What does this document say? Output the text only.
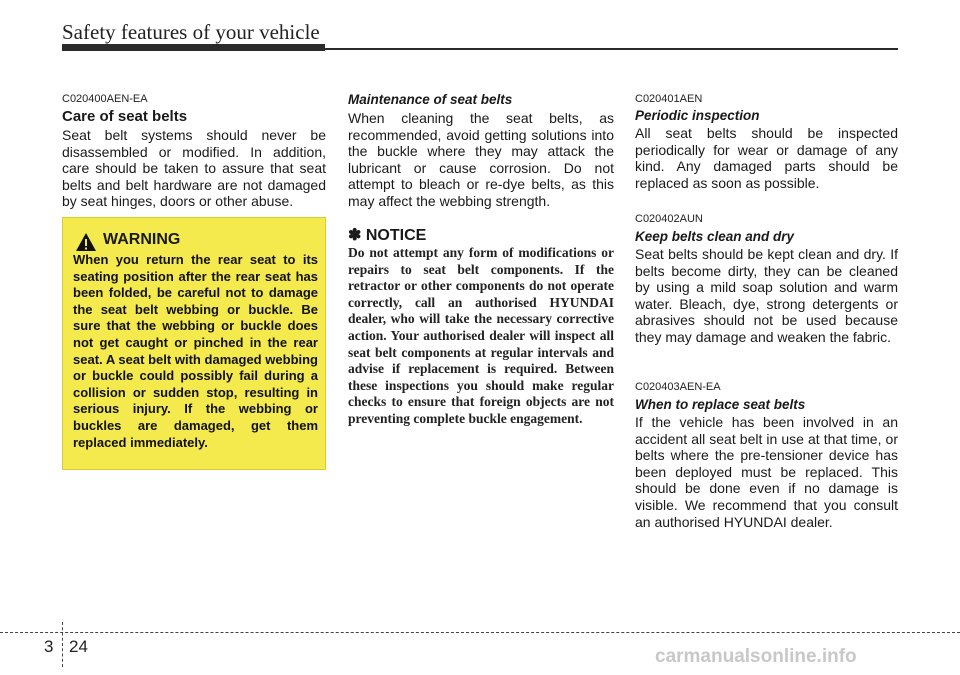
Safety features of your vehicle
C020400AEN-EA
Care of seat belts
Seat belt systems should never be disassembled or modified. In addition, care should be taken to assure that seat belts and belt hardware are not damaged by seat hinges, doors or other abuse.
WARNING
When you return the rear seat to its seating position after the rear seat has been folded, be careful not to damage the seat belt webbing or buckle. Be sure that the webbing or buckle does not get caught or pinched in the rear seat. A seat belt with damaged webbing or buckle could possibly fail during a collision or sudden stop, resulting in serious injury. If the webbing or buckles are damaged, get them replaced immediately.
Maintenance of seat belts
When cleaning the seat belts, as recommended, avoid getting solutions into the buckle where they may attack the lubricant or cause corrosion. Do not attempt to bleach or re-dye belts, as this may affect the webbing strength.
✽ NOTICE
Do not attempt any form of modifications or repairs to seat belt components. If the retractor or other components do not operate correctly, call an authorised HYUNDAI dealer, who will take the necessary corrective action. Your authorised dealer will inspect all seat belt components at regular intervals and advise if replacement is required. Between these inspections you should make regular checks to ensure that foreign objects are not preventing complete buckle engagement.
C020401AEN
Periodic inspection
All seat belts should be inspected periodically for wear or damage of any kind. Any damaged parts should be replaced as soon as possible.
C020402AUN
Keep belts clean and dry
Seat belts should be kept clean and dry. If belts become dirty, they can be cleaned by using a mild soap solution and warm water. Bleach, dye, strong detergents or abrasives should not be used because they may damage and weaken the fabric.
C020403AEN-EA
When to replace seat belts
If the vehicle has been involved in an accident all seat belt in use at that time, or belts where the pre-tensioner device has been deployed must be replaced. This should be done even if no damage is visible. We recommend that you consult an authorised HYUNDAI dealer.
3 24	carmanualsonline.info
